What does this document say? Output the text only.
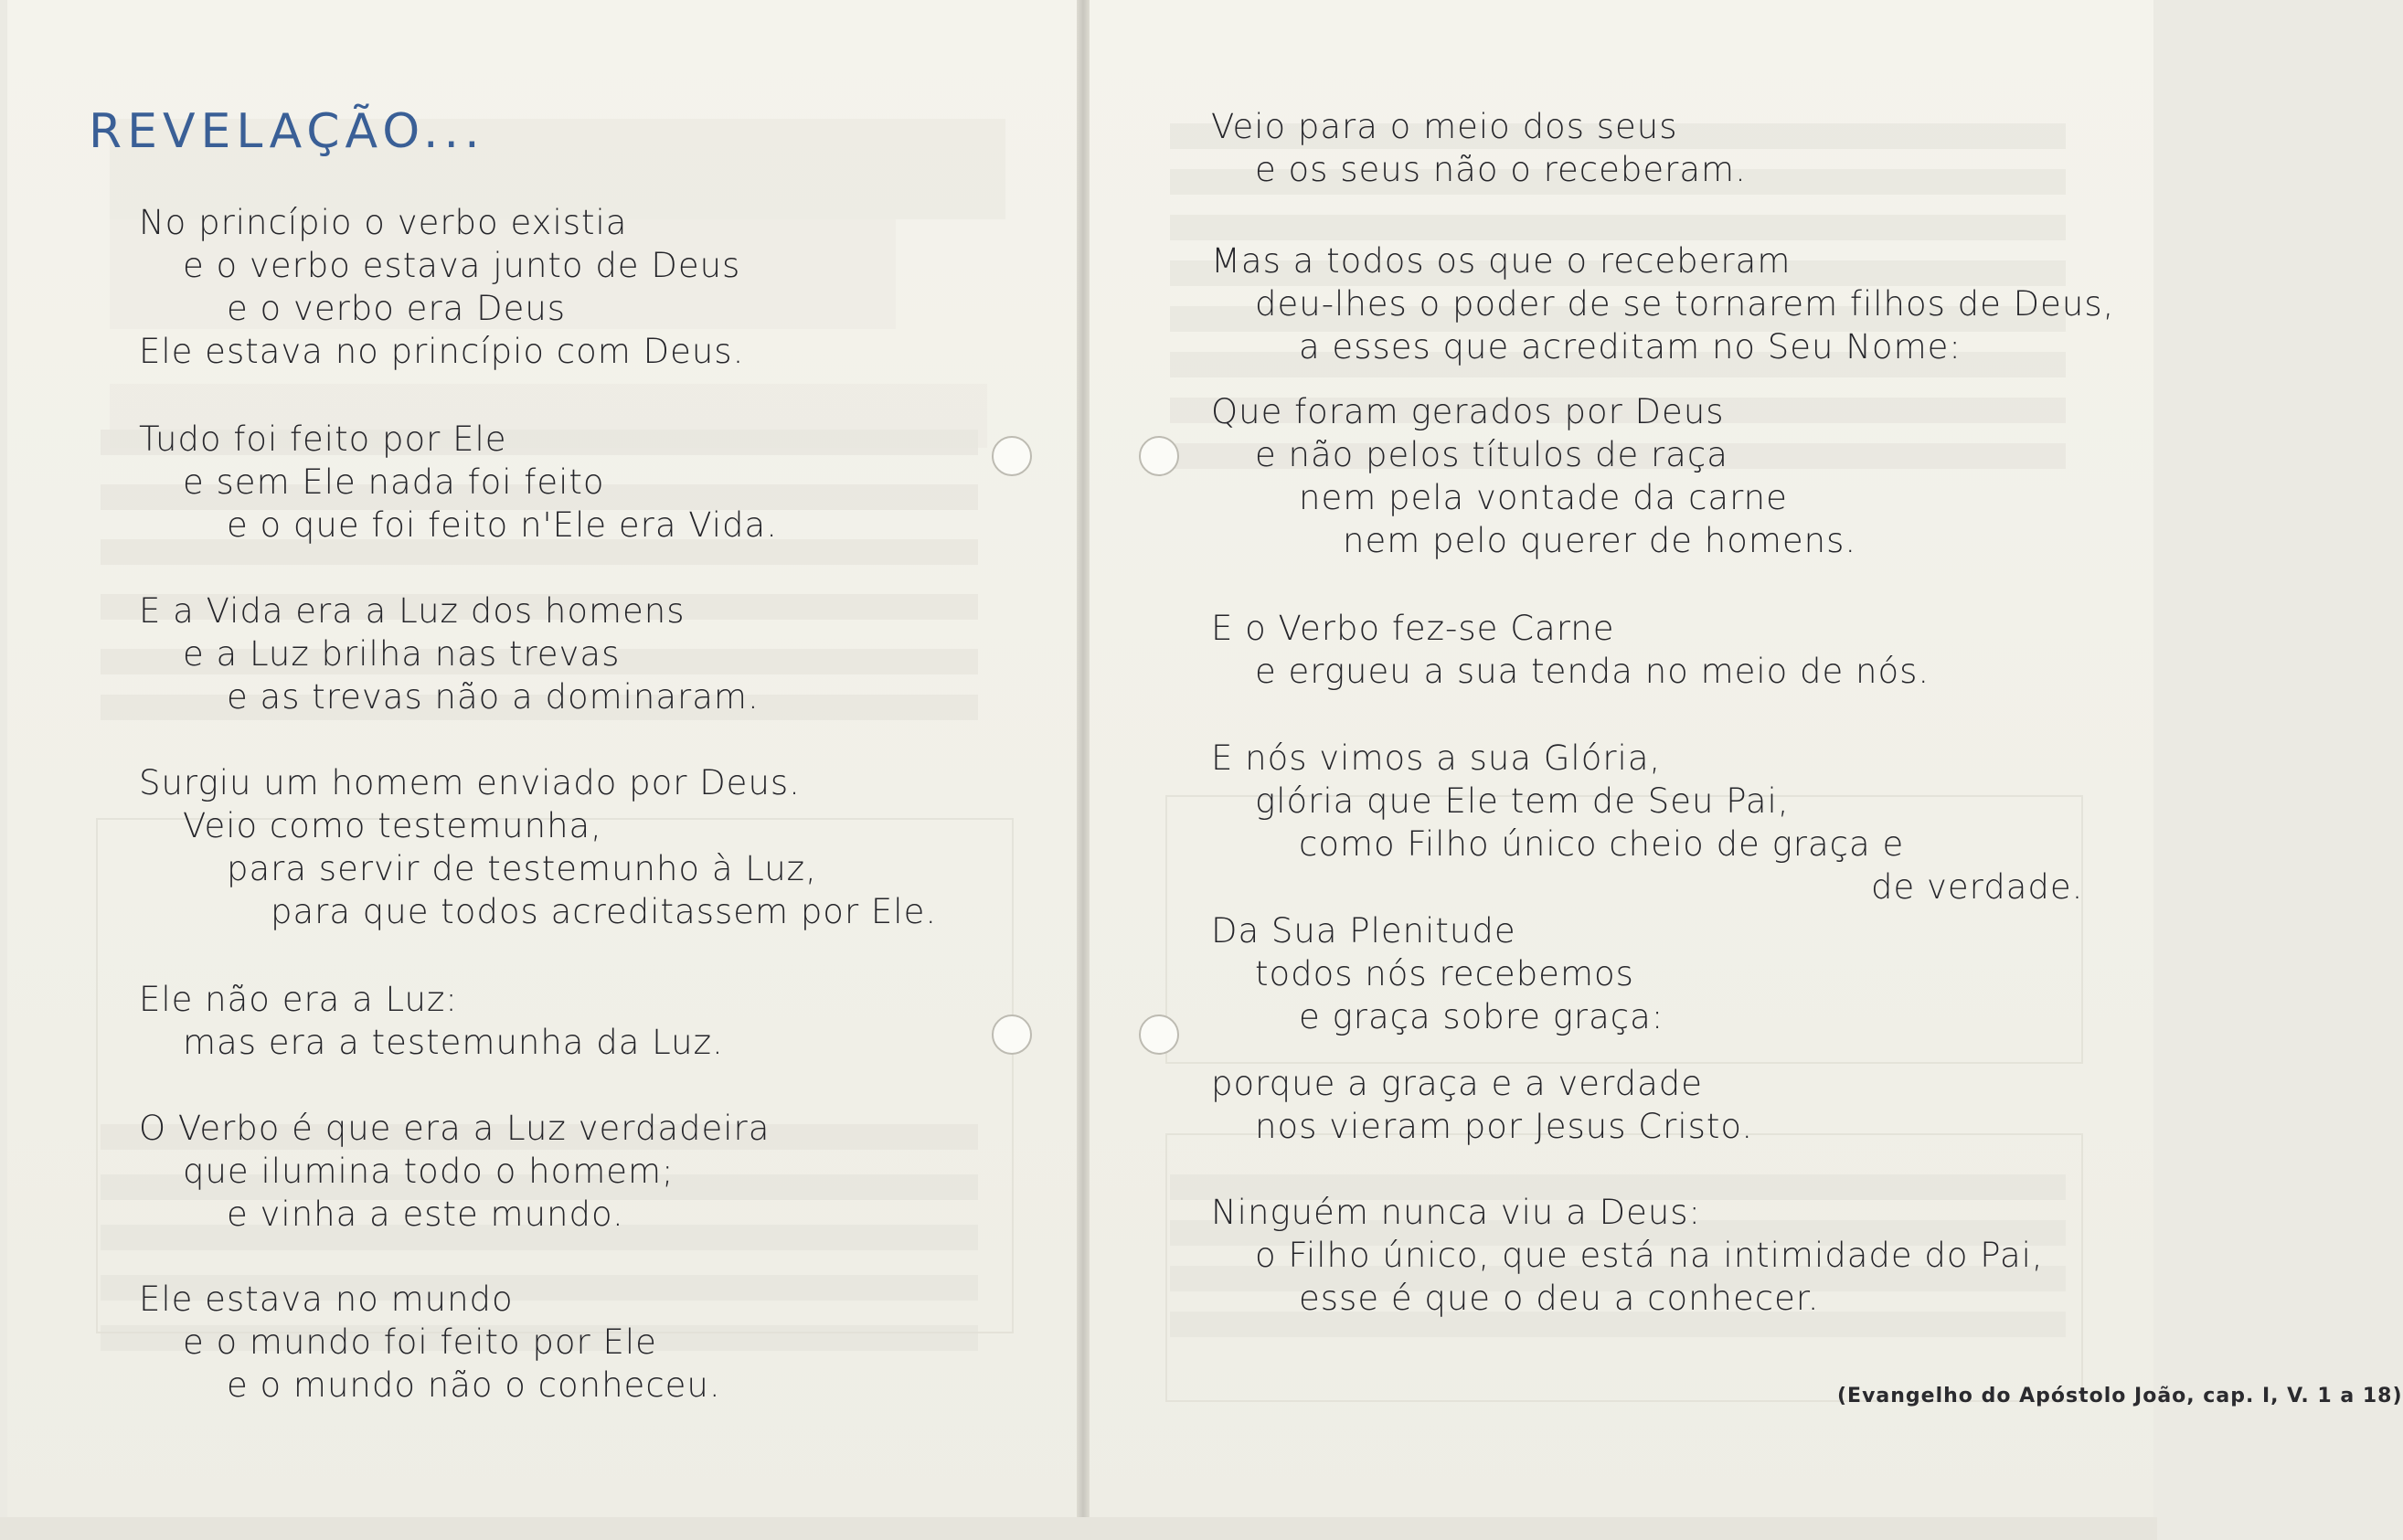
REVELAÇÃO...
No princípio o verbo existia
e o verbo estava junto de Deus
e o verbo era Deus
Ele estava no princípio com Deus.
Tudo foi feito por Ele
e sem Ele nada foi feito
e o que foi feito n'Ele era Vida.
E a Vida era a Luz dos homens
e a Luz brilha nas trevas
e as trevas não a dominaram.
Surgiu um homem enviado por Deus.
Veio como testemunha,
para servir de testemunho à Luz,
para que todos acreditassem por Ele.
Ele não era a Luz:
mas era a testemunha da Luz.
O Verbo é que era a Luz verdadeira
que ilumina todo o homem;
e vinha a este mundo.
Ele estava no mundo
e o mundo foi feito por Ele
e o mundo não o conheceu.
Veio para o meio dos seus
e os seus não o receberam.
Mas a todos os que o receberam
deu-lhes o poder de se tornarem filhos de Deus,
a esses que acreditam no Seu Nome:
Que foram gerados por Deus
e não pelos títulos de raça
nem pela vontade da carne
nem pelo querer de homens.
E o Verbo fez-se Carne
e ergueu a sua tenda no meio de nós.
E nós vimos a sua Glória,
glória que Ele tem de Seu Pai,
como Filho único cheio de graça e
de verdade.
Da Sua Plenitude
todos nós recebemos
e graça sobre graça:
porque a graça e a verdade
nos vieram por Jesus Cristo.
Ninguém nunca viu a Deus:
o Filho único, que está na intimidade do Pai,
esse é que o deu a conhecer.
(Evangelho do Apóstolo João, cap. I, V. 1 a 18)
